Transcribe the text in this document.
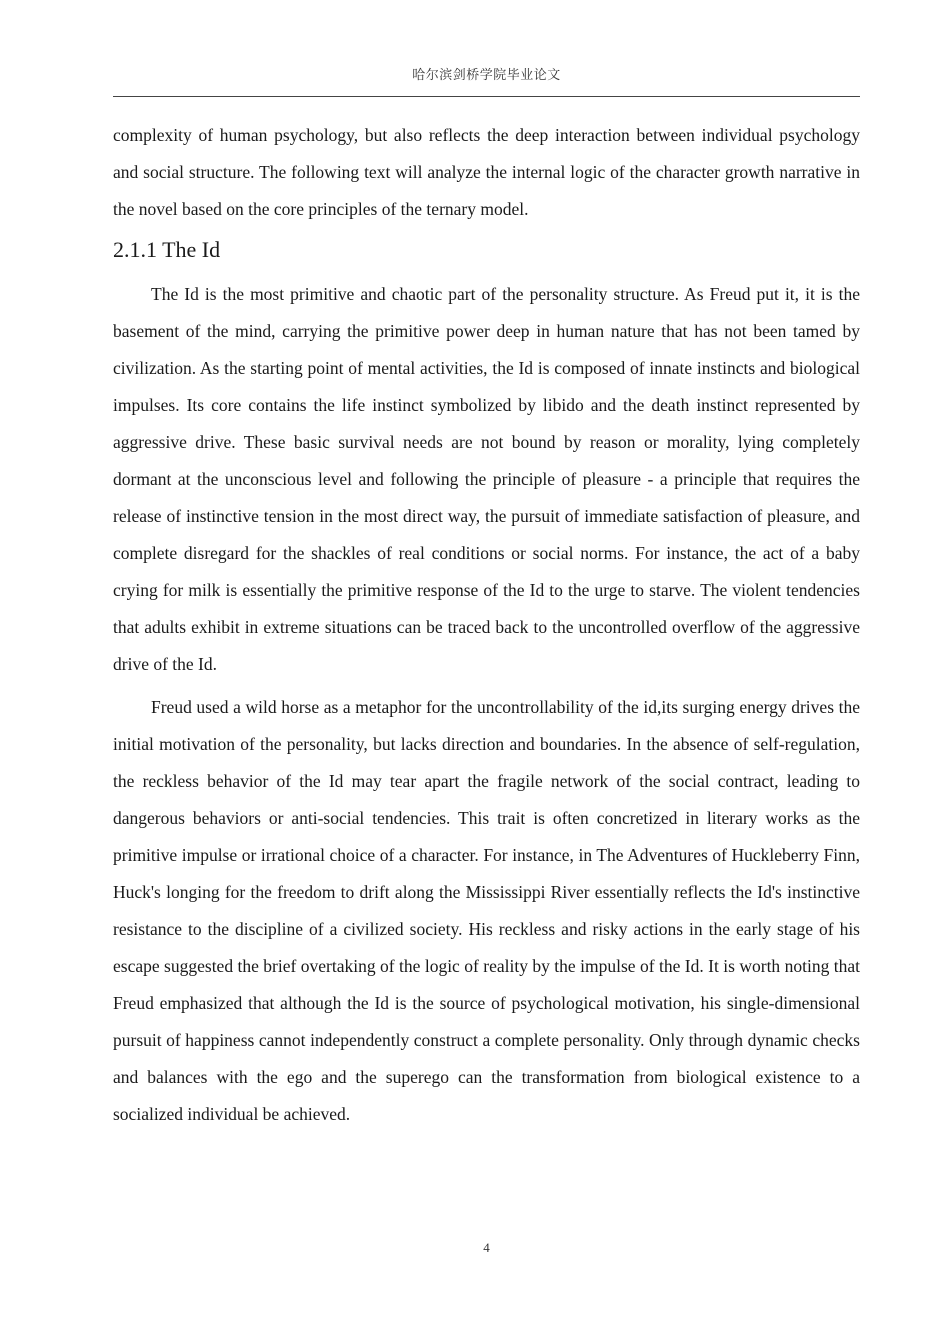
哈尔滨剑桥学院毕业论文

complexity of human psychology, but also reflects the deep interaction between individual psychology and social structure. The following text will analyze the internal logic of the character growth narrative in the novel based on the core principles of the ternary model.

2.1.1 The Id

The Id is the most primitive and chaotic part of the personality structure. As Freud put it, it is the basement of the mind, carrying the primitive power deep in human nature that has not been tamed by civilization. As the starting point of mental activities, the Id is composed of innate instincts and biological impulses. Its core contains the life instinct symbolized by libido and the death instinct represented by aggressive drive. These basic survival needs are not bound by reason or morality, lying completely dormant at the unconscious level and following the principle of pleasure - a principle that requires the release of instinctive tension in the most direct way, the pursuit of immediate satisfaction of pleasure, and complete disregard for the shackles of real conditions or social norms. For instance, the act of a baby crying for milk is essentially the primitive response of the Id to the urge to starve. The violent tendencies that adults exhibit in extreme situations can be traced back to the uncontrolled overflow of the aggressive drive of the Id.

Freud used a wild horse as a metaphor for the uncontrollability of the id,its surging energy drives the initial motivation of the personality, but lacks direction and boundaries. In the absence of self-regulation, the reckless behavior of the Id may tear apart the fragile network of the social contract, leading to dangerous behaviors or anti-social tendencies. This trait is often concretized in literary works as the primitive impulse or irrational choice of a character. For instance, in The Adventures of Huckleberry Finn, Huck's longing for the freedom to drift along the Mississippi River essentially reflects the Id's instinctive resistance to the discipline of a civilized society. His reckless and risky actions in the early stage of his escape suggested the brief overtaking of the logic of reality by the impulse of the Id. It is worth noting that Freud emphasized that although the Id is the source of psychological motivation, his single-dimensional pursuit of happiness cannot independently construct a complete personality. Only through dynamic checks and balances with the ego and the superego can the transformation from biological existence to a socialized individual be achieved.

4
